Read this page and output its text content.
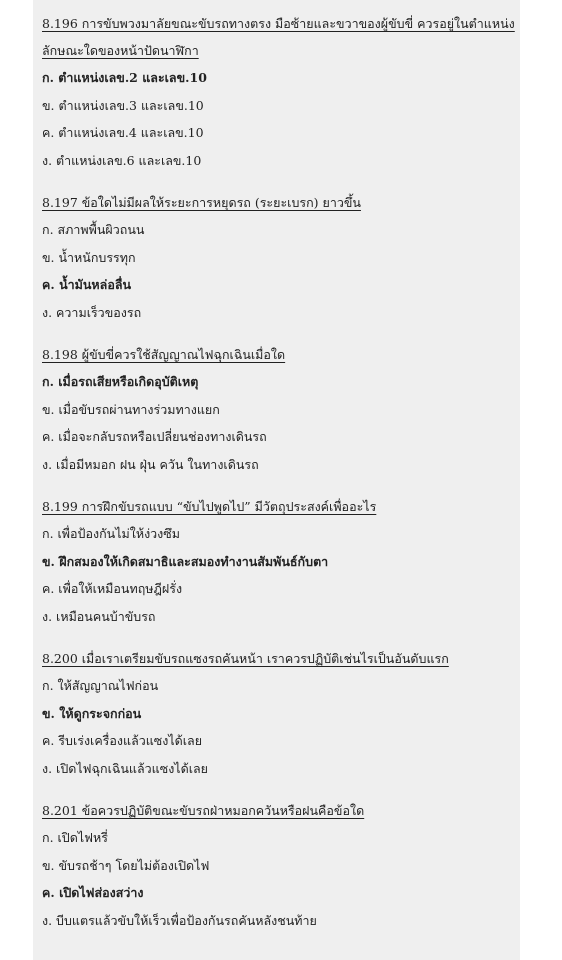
8.196 การขับพวงมาลัยขณะขับรถทางตรง มือซ้ายและขวาของผู้ขับขี่ ควรอยู่ในตำแหน่งลักษณะใดของหน้าปัดนาฬิกา

ก. ตำแหน่งเลข.2 และเลข.10

ข. ตำแหน่งเลข.3 และเลข.10

ค. ตำแหน่งเลข.4 และเลข.10

ง. ตำแหน่งเลข.6 และเลข.10

8.197 ข้อใดไม่มีผลให้ระยะการหยุดรถ (ระยะเบรก) ยาวขึ้น

ก. สภาพพื้นผิวถนน

ข. น้ำหนักบรรทุก

ค. น้ำมันหล่อลื่น

ง. ความเร็วของรถ

8.198 ผู้ขับขี่ควรใช้สัญญาณไฟฉุกเฉินเมื่อใด

ก. เมื่อรถเสียหรือเกิดอุบัติเหตุ

ข. เมื่อขับรถผ่านทางร่วมทางแยก

ค. เมื่อจะกลับรถหรือเปลี่ยนช่องทางเดินรถ

ง. เมื่อมีหมอก ฝน ฝุ่น ควัน ในทางเดินรถ

8.199 การฝึกขับรถแบบ “ขับไปพูดไป” มีวัตถุประสงค์เพื่ออะไร

ก. เพื่อป้องกันไม่ให้ง่วงซึม

ข. ฝึกสมองให้เกิดสมาธิและสมองทำงานสัมพันธ์กับตา

ค. เพื่อให้เหมือนทฤษฎีฝรั่ง

ง. เหมือนคนบ้าขับรถ

8.200 เมื่อเราเตรียมขับรถแซงรถคันหน้า เราควรปฏิบัติเช่นไรเป็นอันดับแรก

ก. ให้สัญญาณไฟก่อน

ข. ให้ดูกระจกก่อน

ค. รีบเร่งเครื่องแล้วแซงได้เลย

ง. เปิดไฟฉุกเฉินแล้วแซงได้เลย

8.201 ข้อควรปฏิบัติขณะขับรถฝ่าหมอกควันหรือฝนคือข้อใด

ก. เปิดไฟหรี่

ข. ขับรถช้าๆ โดยไม่ต้องเปิดไฟ

ค. เปิดไฟส่องสว่าง

ง. บีบแตรแล้วขับให้เร็วเพื่อป้องกันรถคันหลังชนท้าย
